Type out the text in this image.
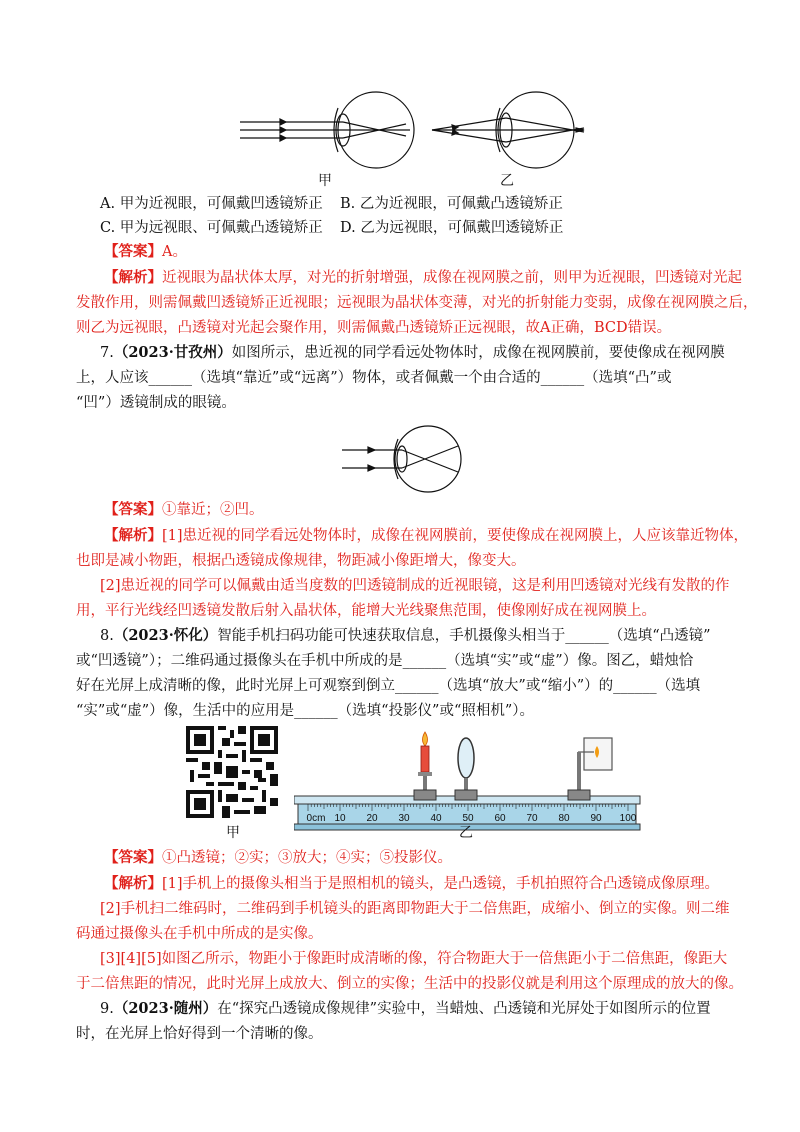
甲	乙
A. 甲为近视眼，可佩戴凹透镜矫正	B. 乙为近视眼，可佩戴凸透镜矫正
C. 甲为远视眼、可佩戴凸透镜矫正	D. 乙为远视眼，可佩戴凹透镜矫正
【答案】A。
【解析】近视眼为晶状体太厚，对光的折射增强，成像在视网膜之前，则甲为近视眼，凹透镜对光起
发散作用，则需佩戴凹透镜矫正近视眼；远视眼为晶状体变薄，对光的折射能力变弱，成像在视网膜之后，
则乙为远视眼，凸透镜对光起会聚作用，则需佩戴凸透镜矫正远视眼，故A正确，BCD错误。
7.（2023·甘孜州）如图所示，患近视的同学看远处物体时，成像在视网膜前，要使像成在视网膜
上，人应该______（选填“靠近”或“远离”）物体，或者佩戴一个由合适的______（选填“凸”或
“凹”）透镜制成的眼镜。
【答案】①靠近；②凹。
【解析】[1]患近视的同学看远处物体时，成像在视网膜前，要使像成在视网膜上，人应该靠近物体，
也即是减小物距，根据凸透镜成像规律，物距减小像距增大，像变大。
[2]患近视的同学可以佩戴由适当度数的凹透镜制成的近视眼镜，这是利用凹透镜对光线有发散的作
用，平行光线经凹透镜发散后射入晶状体，能增大光线聚焦范围，使像刚好成在视网膜上。
8.（2023·怀化）智能手机扫码功能可快速获取信息，手机摄像头相当于______（选填“凸透镜”
或“凹透镜”）；二维码通过摄像头在手机中所成的是______（选填“实”或“虚”）像。图乙，蜡烛恰
好在光屏上成清晰的像，此时光屏上可观察到倒立______（选填“放大”或“缩小”）的______（选填
“实”或“虚”）像，生活中的应用是______（选填“投影仪”或“照相机”）。
甲
0cm 10 20 30 40 50 60 70 80 90 100
乙
【答案】①凸透镜；②实；③放大；④实；⑤投影仪。
【解析】[1]手机上的摄像头相当于是照相机的镜头，是凸透镜，手机拍照符合凸透镜成像原理。
[2]手机扫二维码时，二维码到手机镜头的距离即物距大于二倍焦距，成缩小、倒立的实像。则二维
码通过摄像头在手机中所成的是实像。
[3][4][5]如图乙所示，物距小于像距时成清晰的像，符合物距大于一倍焦距小于二倍焦距，像距大
于二倍焦距的情况，此时光屏上成放大、倒立的实像；生活中的投影仪就是利用这个原理成的放大的像。
9.（2023·随州）在“探究凸透镜成像规律”实验中，当蜡烛、凸透镜和光屏处于如图所示的位置
时，在光屏上恰好得到一个清晰的像。
